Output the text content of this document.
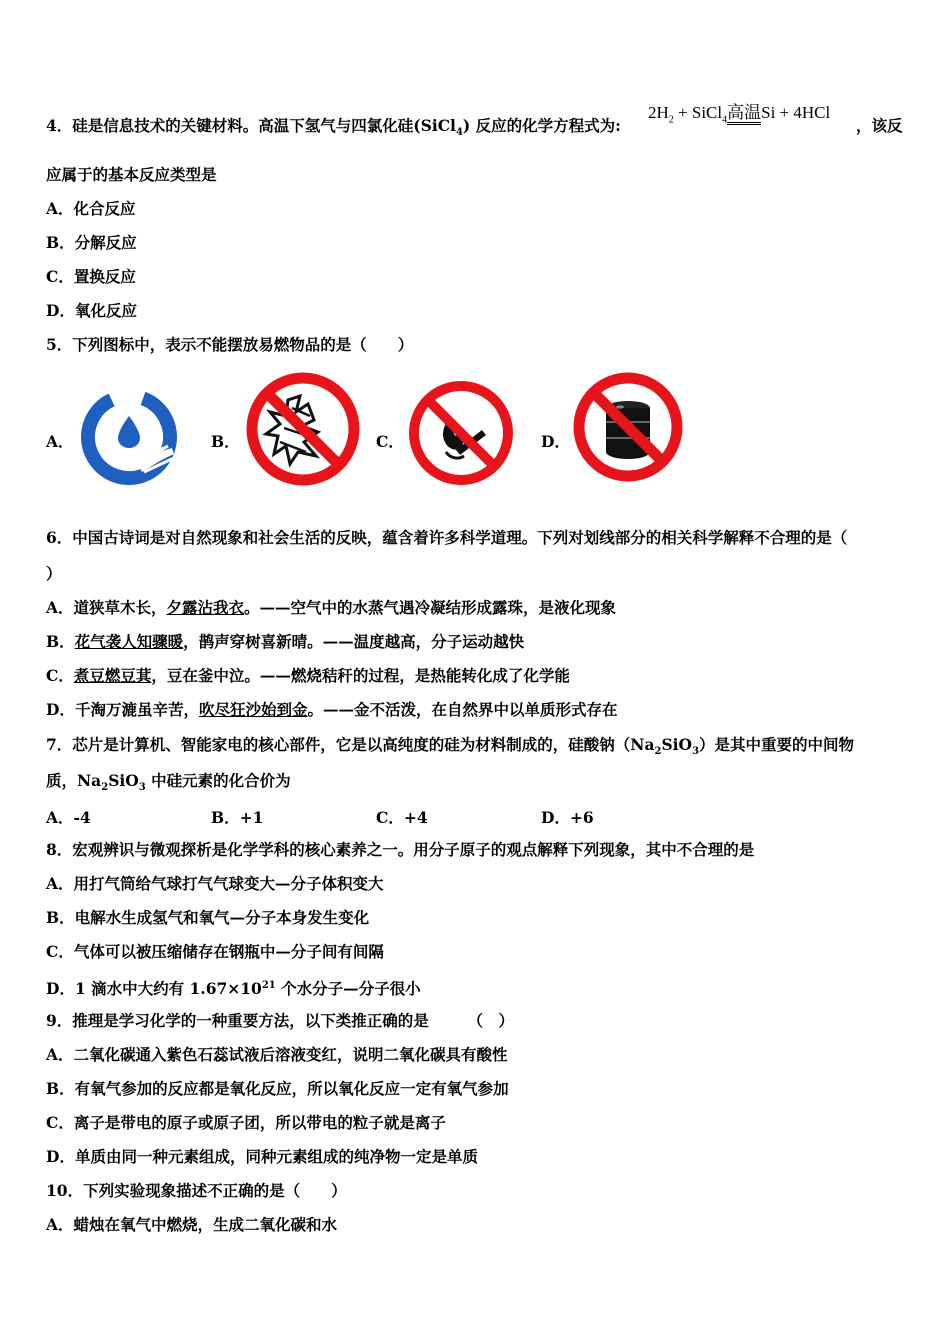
4．硅是信息技术的关键材料。高温下氢气与四氯化硅(SiCl$_4$) 反应的化学方程式为:
$2H_2$ + SiCl$_4$高温Si + 4HCl
，该反
应属于的基本反应类型是
A．化合反应
B．分解反应
C．置换反应
D．氧化反应
5．下列图标中，表示不能摆放易燃物品的是（　　）
A．	B．	C．	D．
6．中国古诗词是对自然现象和社会生活的反映，蕴含着许多科学道理。下列对划线部分的相关科学解释不合理的是（
）
A．道狭草木长，夕露沾我衣。——空气中的水蒸气遇冷凝结形成露珠，是液化现象
B．花气袭人知骤暖，鹊声穿树喜新晴。——温度越高，分子运动越快
C．煮豆燃豆萁，豆在釜中泣。——燃烧秸秆的过程，是热能转化成了化学能
D．千淘万漉虽辛苦，吹尽狂沙始到金。——金不活泼，在自然界中以单质形式存在
7．芯片是计算机、智能家电的核心部件，它是以高纯度的硅为材料制成的，硅酸钠$(Na_2SiO_3)$是其中重要的中间物
质，$Na_2SiO_3$ 中硅元素的化合价为
A．-4	B．+1	C．+4	D．+6
8．宏观辨识与微观探析是化学学科的核心素养之一。用分子原子的观点解释下列现象，其中不合理的是
A．用打气筒给气球打气气球变大—分子体积变大
B．电解水生成氢气和氧气—分子本身发生变化
C．气体可以被压缩储存在钢瓶中—分子间有间隔
D．1 滴水中大约有 $1.67\times 10^{21}$ 个水分子—分子很小
9．推理是学习化学的一种重要方法，以下类推正确的是　　　（　）
A．二氧化碳通入紫色石蕊试液后溶液变红，说明二氧化碳具有酸性
B．有氧气参加的反应都是氧化反应，所以氧化反应一定有氧气参加
C．离子是带电的原子或原子团，所以带电的粒子就是离子
D．单质由同一种元素组成，同种元素组成的纯净物一定是单质
10．下列实验现象描述不正确的是（　　）
A．蜡烛在氧气中燃烧，生成二氧化碳和水
